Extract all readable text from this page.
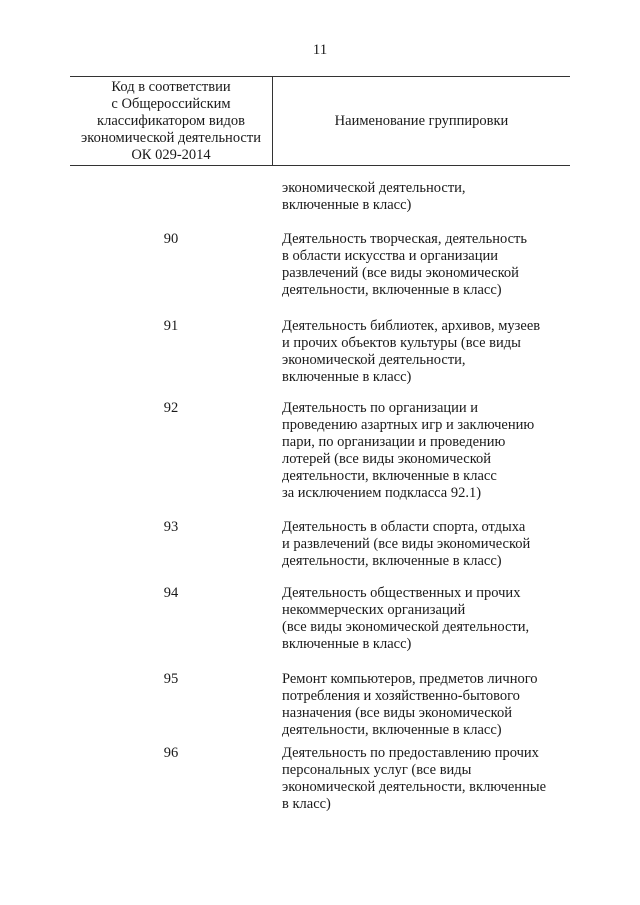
11
Код в соответствии
с Общероссийским
классификатором видов
экономической деятельности
ОК 029-2014
Наименование группировки
экономической деятельности,
включенные в класс)
90	Деятельность творческая, деятельность
в области искусства и организации
развлечений (все виды экономической
деятельности, включенные в класс)
91	Деятельность библиотек, архивов, музеев
и прочих объектов культуры (все виды
экономической деятельности,
включенные в класс)
92	Деятельность по организации и
проведению азартных игр и заключению
пари, по организации и проведению
лотерей (все виды экономической
деятельности, включенные в класс
за исключением подкласса 92.1)
93	Деятельность в области спорта, отдыха
и развлечений (все виды экономической
деятельности, включенные в класс)
94	Деятельность общественных и прочих
некоммерческих организаций
(все виды экономической деятельности,
включенные в класс)
95	Ремонт компьютеров, предметов личного
потребления и хозяйственно-бытового
назначения (все виды экономической
деятельности, включенные в класс)
96	Деятельность по предоставлению прочих
персональных услуг (все виды
экономической деятельности, включенные
в класс)
